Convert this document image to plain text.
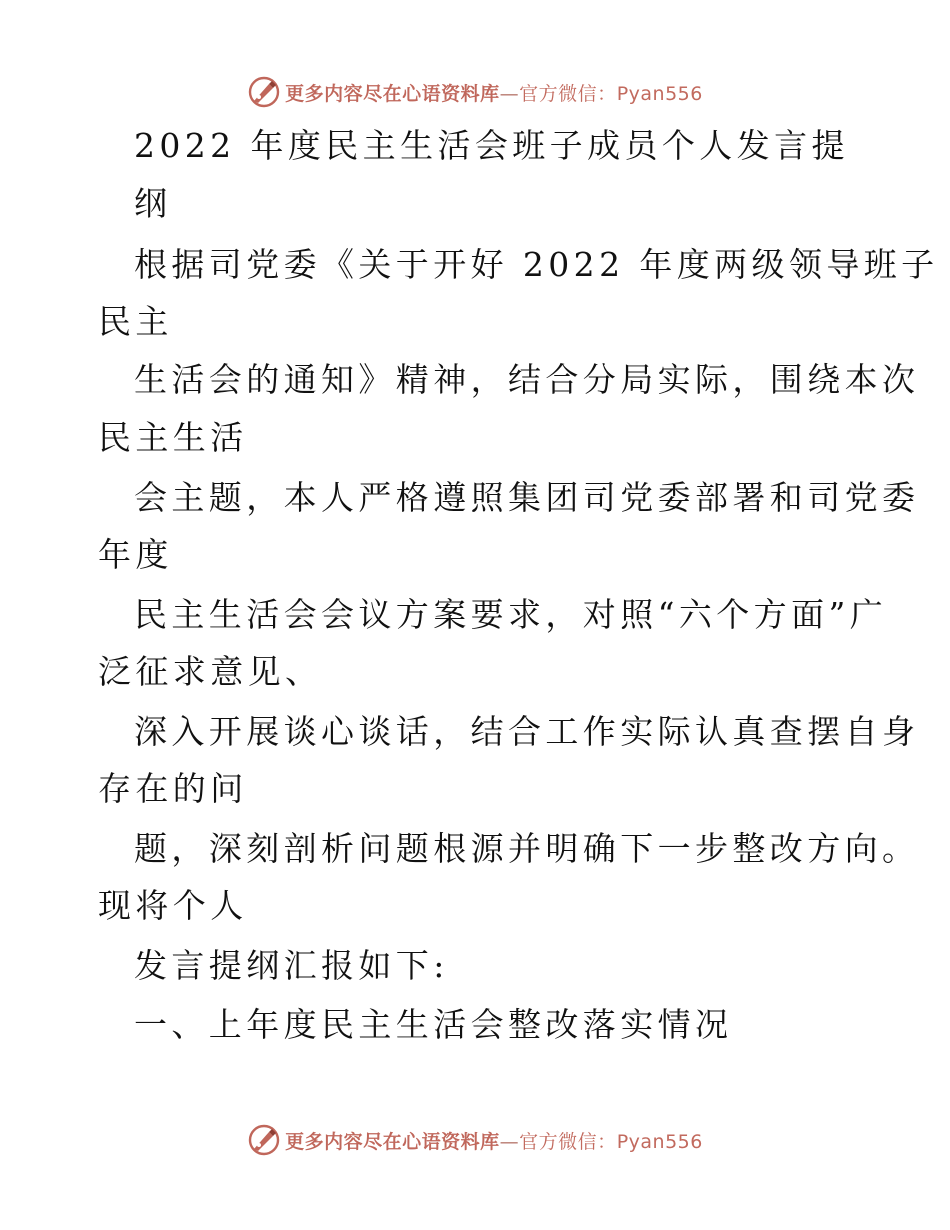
更多内容尽在心语资料库—官方微信：Pyan556
2022 年度民主生活会班子成员个人发言提
纲
根据司党委《关于开好 2022 年度两级领导班子
民主
生活会的通知》精神，结合分局实际，围绕本次
民主生活
会主题，本人严格遵照集团司党委部署和司党委
年度
民主生活会会议方案要求，对照“六个方面”广
泛征求意见、
深入开展谈心谈话，结合工作实际认真查摆自身
存在的问
题，深刻剖析问题根源并明确下一步整改方向。
现将个人
发言提纲汇报如下:
一、上年度民主生活会整改落实情况
更多内容尽在心语资料库—官方微信：Pyan556
